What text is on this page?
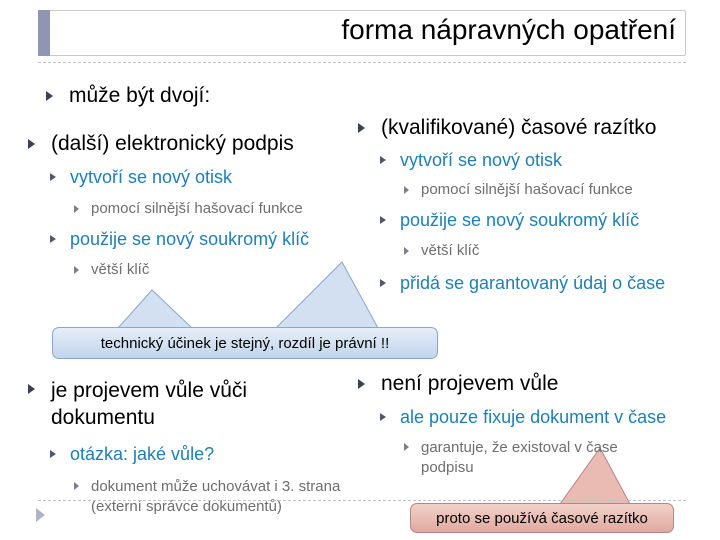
forma nápravných opatření
může být dvojí:
(další) elektronický podpis
vytvoří se nový otisk
pomocí silnější hašovací funkce
použije se nový soukromý klíč
větší klíč
(kvalifikované) časové razítko
vytvoří se nový otisk
pomocí silnější hašovací funkce
použije se nový soukromý klíč
větší klíč
přidá se garantovaný údaj o čase
technický účinek je stejný, rozdíl je právní !!
je projevem vůle vůči dokumentu
otázka: jaké vůle?
dokument může uchovávat i 3. strana (externí správce dokumentů)
není projevem vůle
ale pouze fixuje dokument v čase
garantuje, že existoval v čase podpisu
proto se používá časové razítko
